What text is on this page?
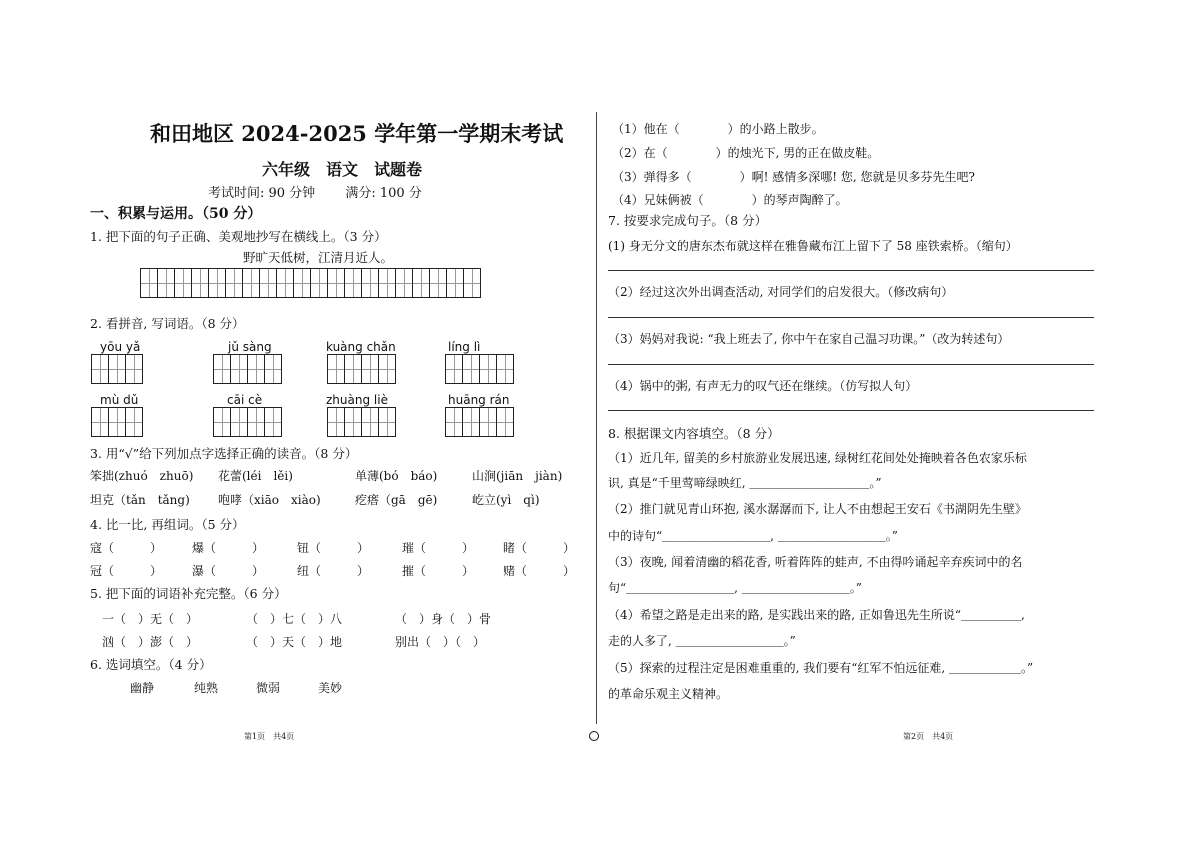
和田地区 2024-2025 学年第一学期末考试
六年级　语文　试题卷
考试时间: 90 分钟　　 满分: 100 分
一、积累与运用。（50 分）
1. 把下面的句子正确、美观地抄写在横线上。（3 分）
野旷天低树，江清月近人。
2. 看拼音, 写词语。（8 分）
yōu yǎ	jǔ sàng	kuàng chǎn	líng lì
mù dǔ	cāi cè	zhuàng liè	huāng rán
3. 用“√”给下列加点字选择正确的读音。（8 分）
笨拙(zhuó　zhuō) 花蕾(léi　lěi)	单薄(bó　báo)	山涧(jiān　jiàn)
坦克（tǎn　tǎng) 咆哮（xiāo　xiào)	疙瘩（gā　gē)	屹立(yì　qì)
4. 比一比, 再组词。（5 分）
寇（　　　） 爆（　　　）	钮（　　　）	璀（　　　） 睹（　　　）
冠（　　　） 瀑（　　　）	纽（　　　）	摧（　　　） 赌（　　　）
5. 把下面的词语补充完整。（6 分）
一（　）无（　）	（　）七（　）八	（　）身（　）骨
汹（　）澎（　）	（　）天（　）地	别出（　）（　）
6. 选词填空。（4 分）
幽静	纯熟	微弱	美妙
第1页　共4页
（1）他在（　　　　）的小路上散步。
（2）在（　　　　）的烛光下, 男的正在做皮鞋。
（3）弹得多（　　　　）啊! 感情多深哪! 您, 您就是贝多芬先生吧?
（4）兄妹俩被（　　　　）的琴声陶醉了。
7. 按要求完成句子。（8 分）
(1) 身无分文的唐东杰布就这样在雅鲁藏布江上留下了 58 座铁索桥。（缩句）
（2）经过这次外出调查活动, 对同学们的启发很大。（修改病句）
（3）妈妈对我说: “我上班去了, 你中午在家自己温习功课。”（改为转述句）
（4）锅中的粥, 有声无力的叹气还在继续。（仿写拟人句）
8. 根据课文内容填空。（8 分）
（1）近几年, 留美的乡村旅游业发展迅速, 绿树红花间处处掩映着各色农家乐标
识, 真是“千里莺啼绿映红, ＿＿＿＿＿＿＿＿＿＿。”
（2）推门就见青山环抱, 溪水潺潺而下, 让人不由想起王安石《书湖阴先生壁》
中的诗句“＿＿＿＿＿＿＿＿＿, ＿＿＿＿＿＿＿＿＿。”
（3）夜晚, 闻着清幽的稻花香, 听着阵阵的蛙声, 不由得吟诵起辛弃疾词中的名
句“＿＿＿＿＿＿＿＿＿, ＿＿＿＿＿＿＿＿＿。”
（4）希望之路是走出来的路, 是实践出来的路, 正如鲁迅先生所说“＿＿＿＿＿,
走的人多了, ＿＿＿＿＿＿＿＿＿。”
（5）探索的过程注定是困难重重的, 我们要有“红军不怕远征难, ＿＿＿＿＿＿。”
的革命乐观主义精神。
第2页　共4页
